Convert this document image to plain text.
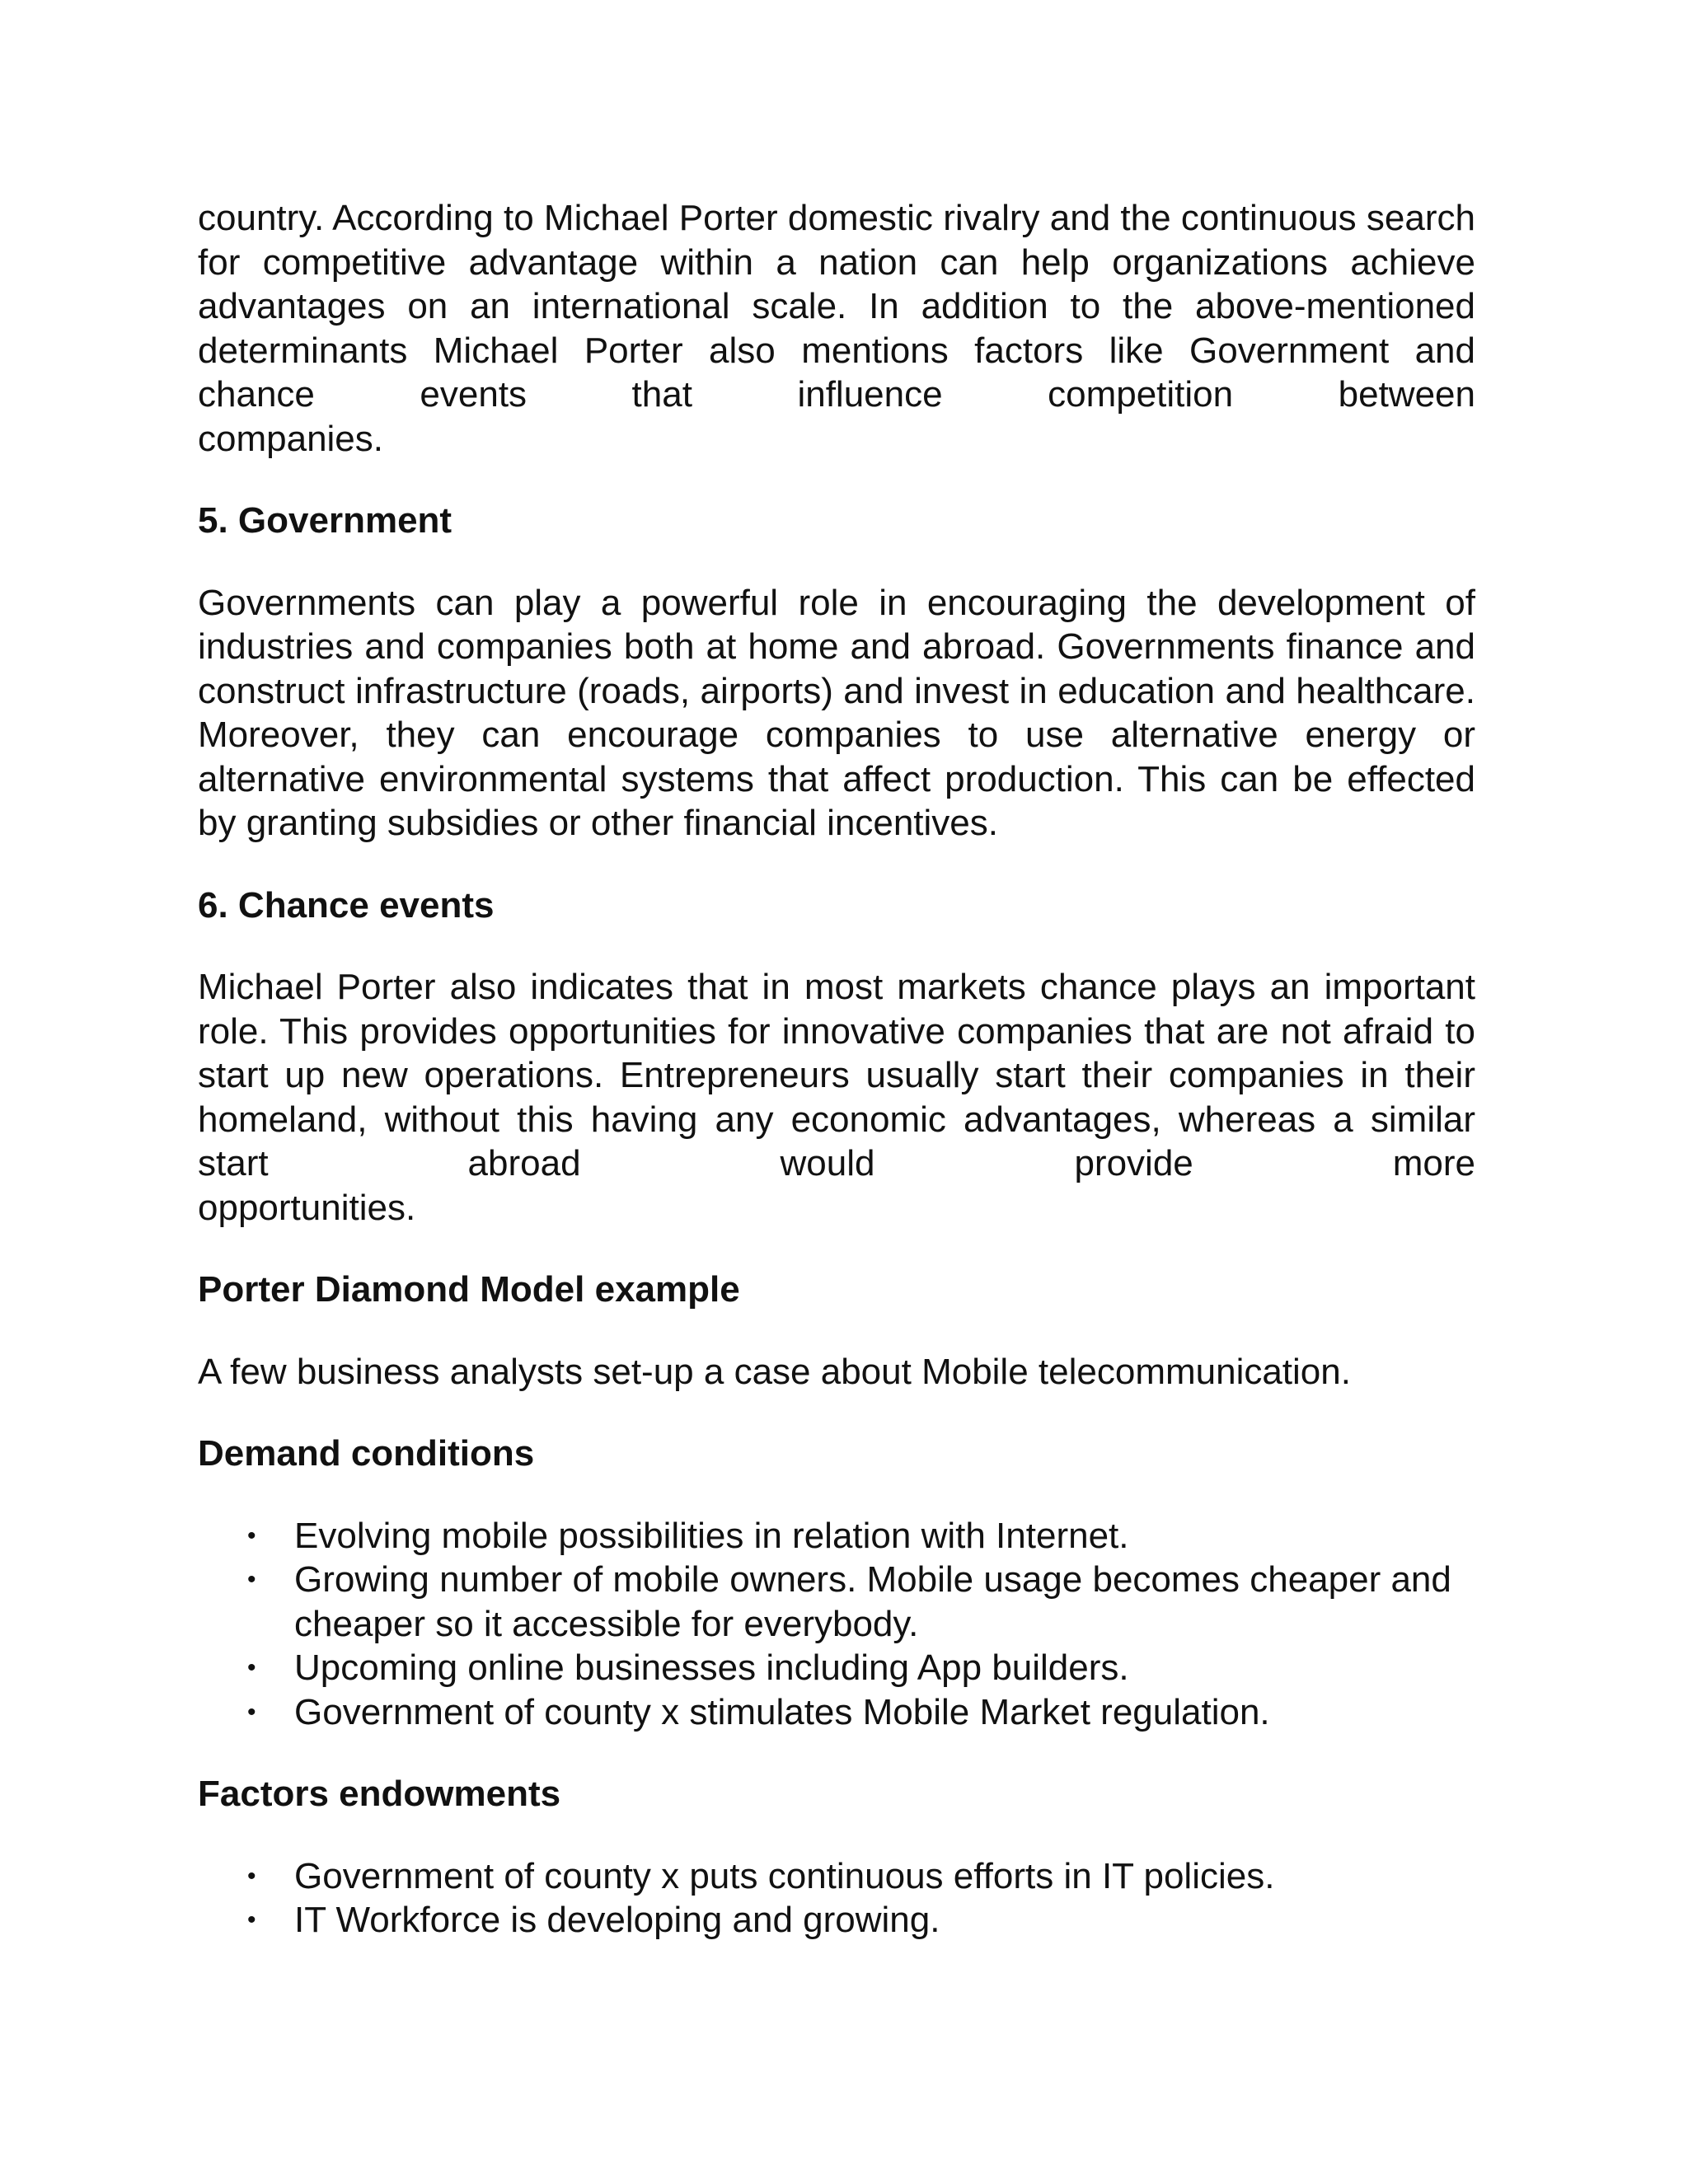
country. According to Michael Porter domestic rivalry and the continuous search for competitive advantage within a nation can help organizations achieve advantages on an international scale. In addition to the above-mentioned determinants Michael Porter also mentions factors like Government and chance events that influence competition between

companies.

5. Government

Governments can play a powerful role in encouraging the development of industries and companies both at home and abroad. Governments finance and construct infrastructure (roads, airports) and invest in education and healthcare. Moreover, they can encourage companies to use alternative energy or alternative environmental systems that affect production. This can be effected by granting subsidies or other financial incentives.

6. Chance events

Michael Porter also indicates that in most markets chance plays an important role. This provides opportunities for innovative companies that are not afraid to start up new operations. Entrepreneurs usually start their companies in their homeland, without this having any economic advantages, whereas a similar start abroad would provide more

opportunities.

Porter Diamond Model example

A few business analysts set-up a case about Mobile telecommunication.

Demand conditions
• Evolving mobile possibilities in relation with Internet.
• Growing number of mobile owners. Mobile usage becomes cheaper and cheaper so it accessible for everybody.
• Upcoming online businesses including App builders.
• Government of county x stimulates Mobile Market regulation.
Factors endowments
• Government of county x puts continuous efforts in IT policies.
• IT Workforce is developing and growing.
